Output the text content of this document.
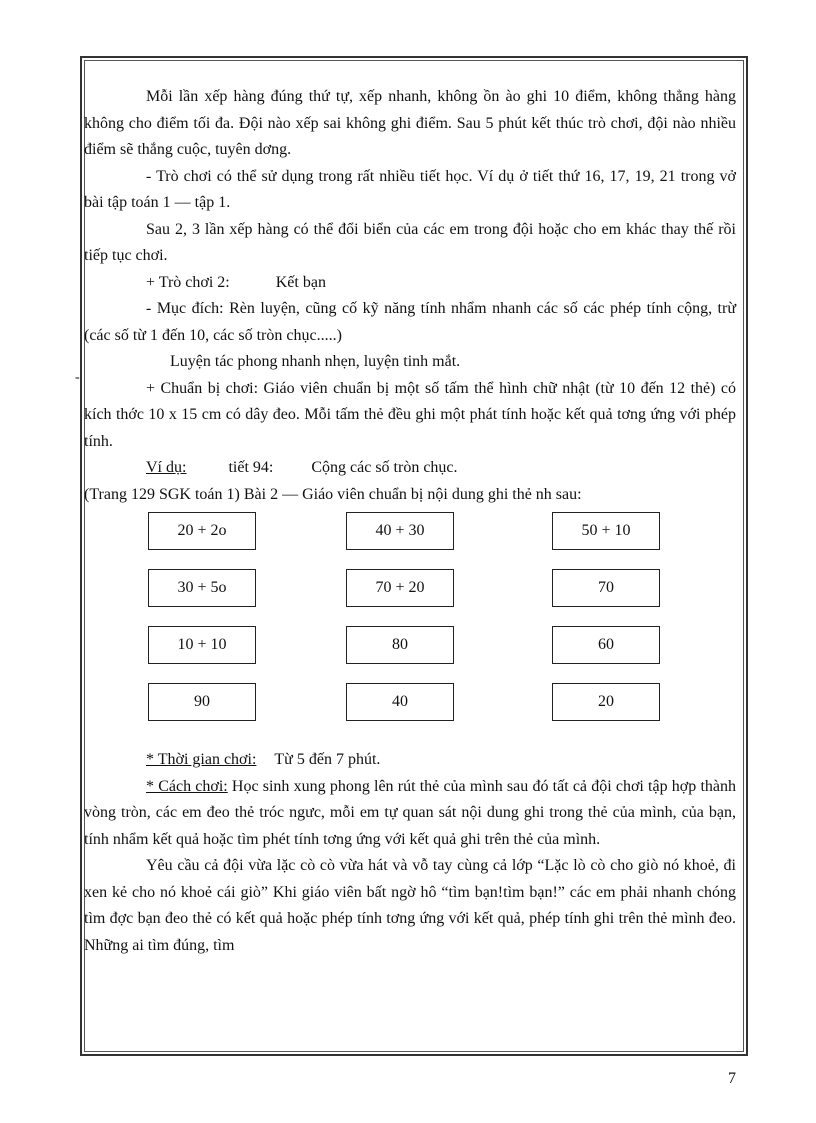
-

Mỗi lần xếp hàng đúng thứ tự, xếp nhanh, không ồn ào ghi 10 điểm, không thẳng hàng không cho điểm tối đa. Đội nào xếp sai không ghi điểm. Sau 5 phút kết thúc trò chơi, đội nào nhiều điểm sẽ thắng cuộc, tuyên dơng.

- Trò chơi có thể sử dụng trong rất nhiều tiết học. Ví dụ ở tiết thứ 16, 17, 19, 21 trong vở bài tập toán 1 — tập 1.

Sau 2, 3 lần xếp hàng có thể đổi biển của các em trong đội hoặc cho em khác thay thế rồi tiếp tục chơi.

+ Trò chơi 2:	Kết bạn

- Mục đích: Rèn luyện, cũng cố kỹ năng tính nhẩm nhanh các số các phép tính cộng, trừ (các số từ 1 đến 10, các số tròn chục.....)

Luyện tác phong nhanh nhẹn, luyện tinh mắt.

+ Chuẩn bị chơi: Giáo viên chuẩn bị một số tấm thể hình chữ nhật (từ 10 đến 12 thẻ) có kích thớc 10 x 15 cm có dây đeo. Mỗi tấm thẻ đều ghi một phát tính hoặc kết quả tơng ứng với phép tính.

Ví dụ:	tiết 94: Cộng các số tròn chục.

(Trang 129 SGK toán 1) Bài 2 — Giáo viên chuẩn bị nội dung ghi thẻ nh sau:

20 + 2o	40 + 30	50 + 10
30 + 5o	70 + 20	70
10 + 10	80	60
90	40	20

* Thời gian chơi: Từ 5 đến 7 phút.

* Cách chơi: Học sinh xung phong lên rút thẻ của mình sau đó tất cả đội chơi tập hợp thành vòng tròn, các em đeo thẻ tróc ngưc, mỗi em tự quan sát nội dung ghi trong thẻ của mình, của bạn, tính nhẩm kết quả hoặc tìm phét tính tơng ứng với kết quả ghi trên thẻ của mình.

Yêu cầu cả đội vừa lặc cò cò vừa hát và vỗ tay cùng cả lớp “Lặc lò cò cho giò nó khoẻ, đi xen kẻ cho nó khoẻ cái giò” Khi giáo viên bất ngờ hô “tìm bạn!tìm bạn!” các em phải nhanh chóng tìm đợc bạn đeo thẻ có kết quả hoặc phép tính tơng ứng với kết quả, phép tính ghi trên thẻ mình đeo. Những ai tìm đúng, tìm

7
